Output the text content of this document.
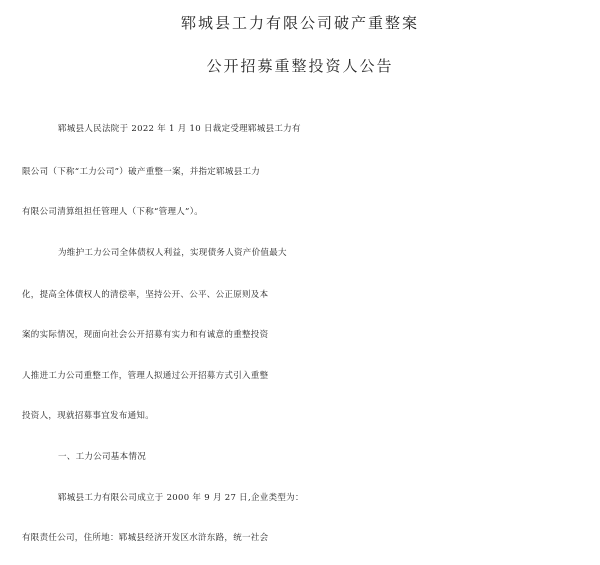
郓城县工力有限公司破产重整案
公开招募重整投资人公告
郓城县人民法院于 2022 年 1 月 10 日裁定受理郓城县工力有
限公司（下称“工力公司”）破产重整一案，并指定郓城县工力
有限公司清算组担任管理人（下称“管理人”）。
为维护工力公司全体债权人利益，实现债务人资产价值最大
化，提高全体债权人的清偿率，坚持公开、公平、公正原则及本
案的实际情况，现面向社会公开招募有实力和有诚意的重整投资
人推进工力公司重整工作，管理人拟通过公开招募方式引入重整
投资人，现就招募事宜发布通知。
一、工力公司基本情况
郓城县工力有限公司成立于 2000 年 9 月 27 日,企业类型为：
有限责任公司，住所地：郓城县经济开发区水浒东路，统一社会
